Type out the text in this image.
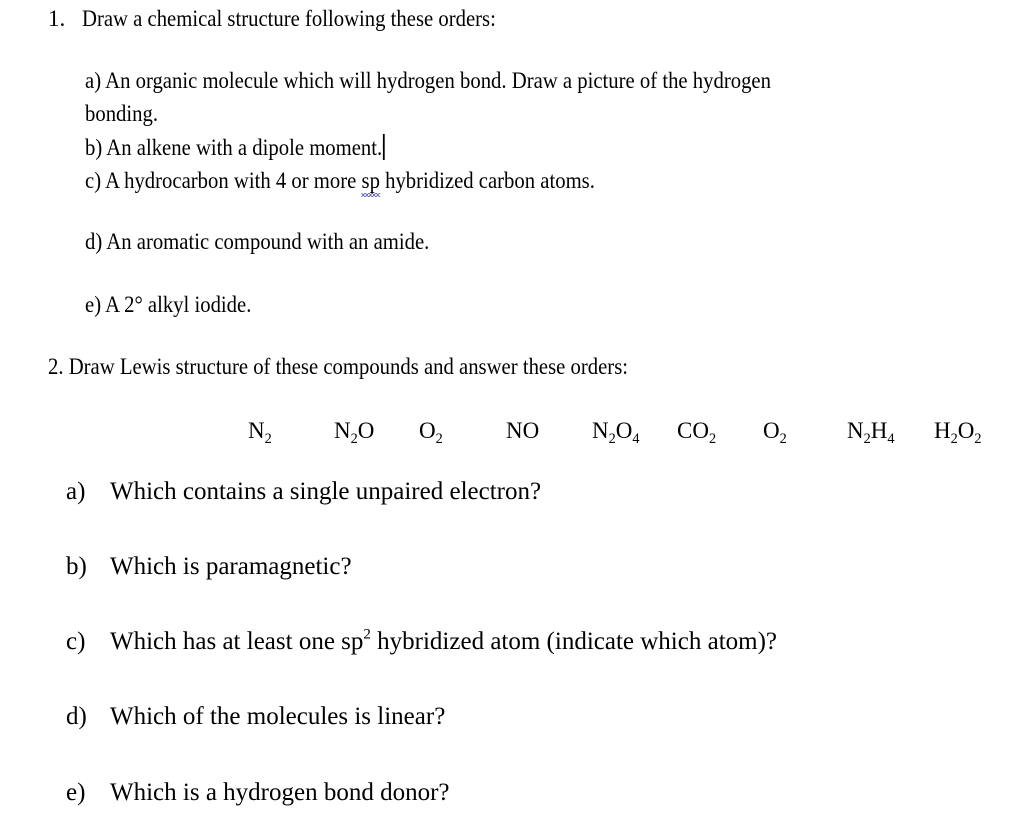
1. Draw a chemical structure following these orders:
a) An organic molecule which will hydrogen bond. Draw a picture of the hydrogen
bonding.
b) An alkene with a dipole moment.
c) A hydrocarbon with 4 or more sp hybridized carbon atoms.
d) An aromatic compound with an amide.
e) A 2° alkyl iodide.
2. Draw Lewis structure of these compounds and answer these orders:
$N_2$	$N_2O$ $O_2$	NO $N_2O_4$ $CO_2$ $O_2$	$N_2H_4$ $H_2O_2$
a) Which contains a single unpaired electron?
b) Which is paramagnetic?
c) Which has at least one $sp^2$ hybridized atom (indicate which atom)?
d) Which of the molecules is linear?
e) Which is a hydrogen bond donor?
